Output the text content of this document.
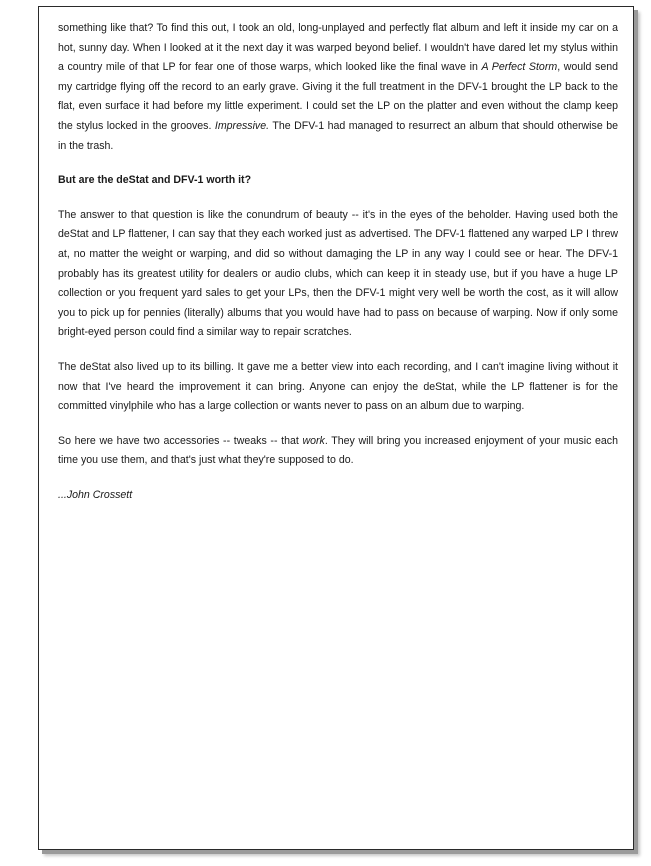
something like that? To find this out, I took an old, long-unplayed and perfectly flat album and left it inside my car on a hot, sunny day. When I looked at it the next day it was warped beyond belief. I wouldn't have dared let my stylus within a country mile of that LP for fear one of those warps, which looked like the final wave in A Perfect Storm, would send my cartridge flying off the record to an early grave. Giving it the full treatment in the DFV-1 brought the LP back to the flat, even surface it had before my little experiment. I could set the LP on the platter and even without the clamp keep the stylus locked in the grooves. Impressive. The DFV-1 had managed to resurrect an album that should otherwise be in the trash.

But are the deStat and DFV-1 worth it?

The answer to that question is like the conundrum of beauty -- it's in the eyes of the beholder. Having used both the deStat and LP flattener, I can say that they each worked just as advertised. The DFV-1 flattened any warped LP I threw at, no matter the weight or warping, and did so without damaging the LP in any way I could see or hear. The DFV-1 probably has its greatest utility for dealers or audio clubs, which can keep it in steady use, but if you have a huge LP collection or you frequent yard sales to get your LPs, then the DFV-1 might very well be worth the cost, as it will allow you to pick up for pennies (literally) albums that you would have had to pass on because of warping. Now if only some bright-eyed person could find a similar way to repair scratches.

The deStat also lived up to its billing. It gave me a better view into each recording, and I can't imagine living without it now that I've heard the improvement it can bring. Anyone can enjoy the deStat, while the LP flattener is for the committed vinylphile who has a large collection or wants never to pass on an album due to warping.

So here we have two accessories -- tweaks -- that work. They will bring you increased enjoyment of your music each time you use them, and that's just what they're supposed to do.

...John Crossett
